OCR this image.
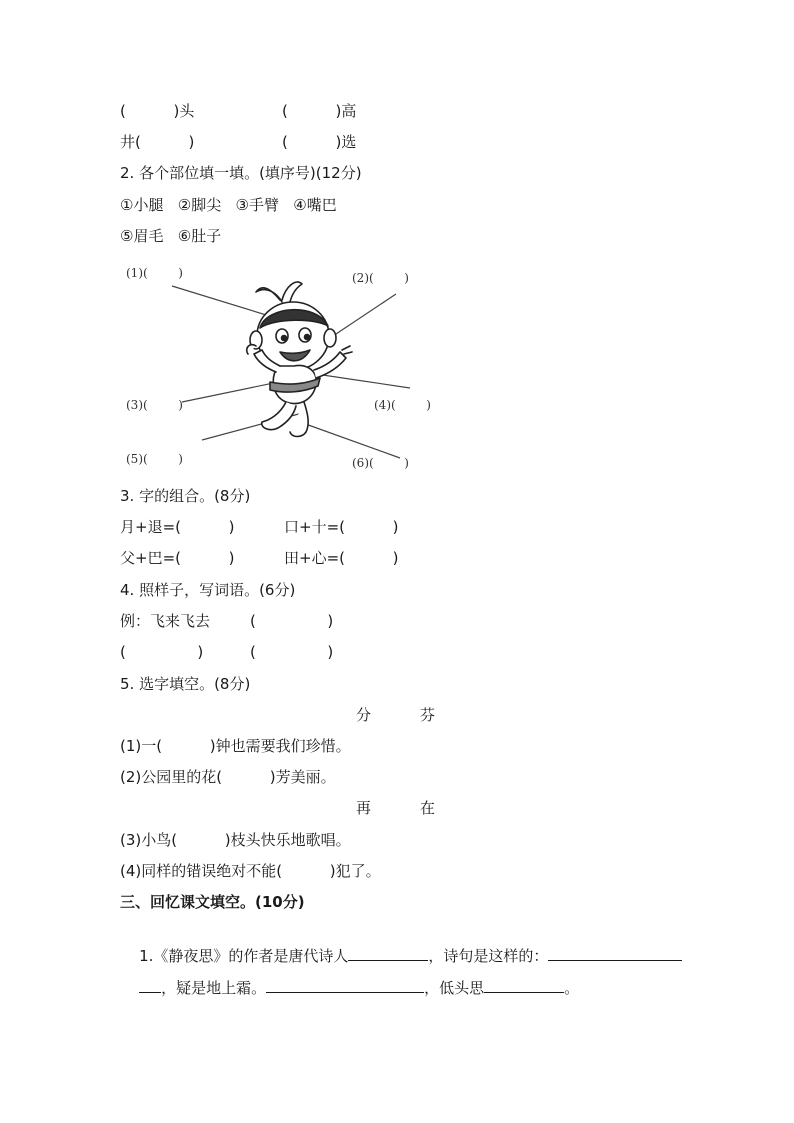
(          )头	(          )高
井(          )	(          )选
2. 各个部位填一填。(填序号)(12分)
①小腿   ②脚尖   ③手臂   ④嘴巴
⑤眉毛   ⑥肚子
(1)(        )	(2)(        )
(3)(        )	(4)(        )
(5)(        )	(6)(        )
3. 字的组合。(8分)
月+退=(          )	口+十=(          )
父+巴=(          )	田+心=(          )
4. 照样子，写词语。(6分)
例：飞来飞去	(               )
(               )	(               )
5. 选字填空。(8分)
分	芬
(1)一(          )钟也需要我们珍惜。
(2)公园里的花(          )芳美丽。
再	在
(3)小鸟(          )枝头快乐地歌唱。
(4)同样的错误绝对不能(          )犯了。
三、回忆课文填空。(10分)

1.《静夜思》的作者是唐代诗人	，诗句是这样的：

，疑是地上霜。	，低头思	。
